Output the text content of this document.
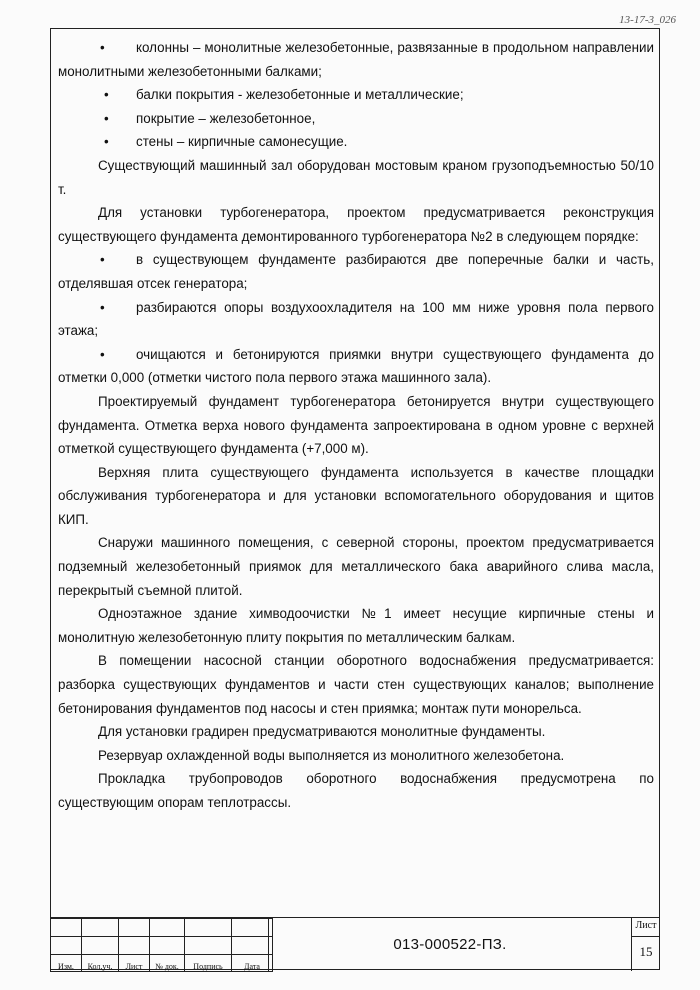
13-17-3_026

• колонны – монолитные железобетонные, развязанные в продольном направлении монолитными железобетонными балками;

• балки покрытия - железобетонные и металлические;

• покрытие – железобетонное,

• стены – кирпичные самонесущие.

Существующий машинный зал оборудован мостовым краном грузоподъемностью 50/10 т.

Для установки турбогенератора, проектом предусматривается реконструкция существующего фундамента демонтированного турбогенератора №2 в следующем порядке:

• в существующем фундаменте разбираются две поперечные балки и часть, отделявшая отсек генератора;

• разбираются опоры воздухоохладителя на 100 мм ниже уровня пола первого этажа;

• очищаются и бетонируются приямки внутри существующего фундамента до отметки 0,000 (отметки чистого пола первого этажа машинного зала).

Проектируемый фундамент турбогенератора бетонируется внутри существующего фундамента. Отметка верха нового фундамента запроектирована в одном уровне с верхней отметкой существующего фундамента (+7,000 м).

Верхняя плита существующего фундамента используется в качестве площадки обслуживания турбогенератора и для установки вспомогательного оборудования и щитов КИП.

Снаружи машинного помещения, с северной стороны, проектом предусматривается подземный железобетонный приямок для металлического бака аварийного слива масла, перекрытый съемной плитой.

Одноэтажное здание химводоочистки №1 имеет несущие кирпичные стены и монолитную железобетонную плиту покрытия по металлическим балкам.

В помещении насосной станции оборотного водоснабжения предусматривается: разборка существующих фундаментов и части стен существующих каналов; выполнение бетонирования фундаментов под насосы и стен приямка; монтаж пути монорельса.

Для установки градирен предусматриваются монолитные фундаменты.

Резервуар охлажденной воды выполняется из монолитного железобетона.

Прокладка трубопроводов оборотного водоснабжения предусмотрена по существующим опорам теплотрассы.

Изм.	Кол.уч.	Лист	№ док.	Подпись	Дата
013-000522-ПЗ.
Лист
15
